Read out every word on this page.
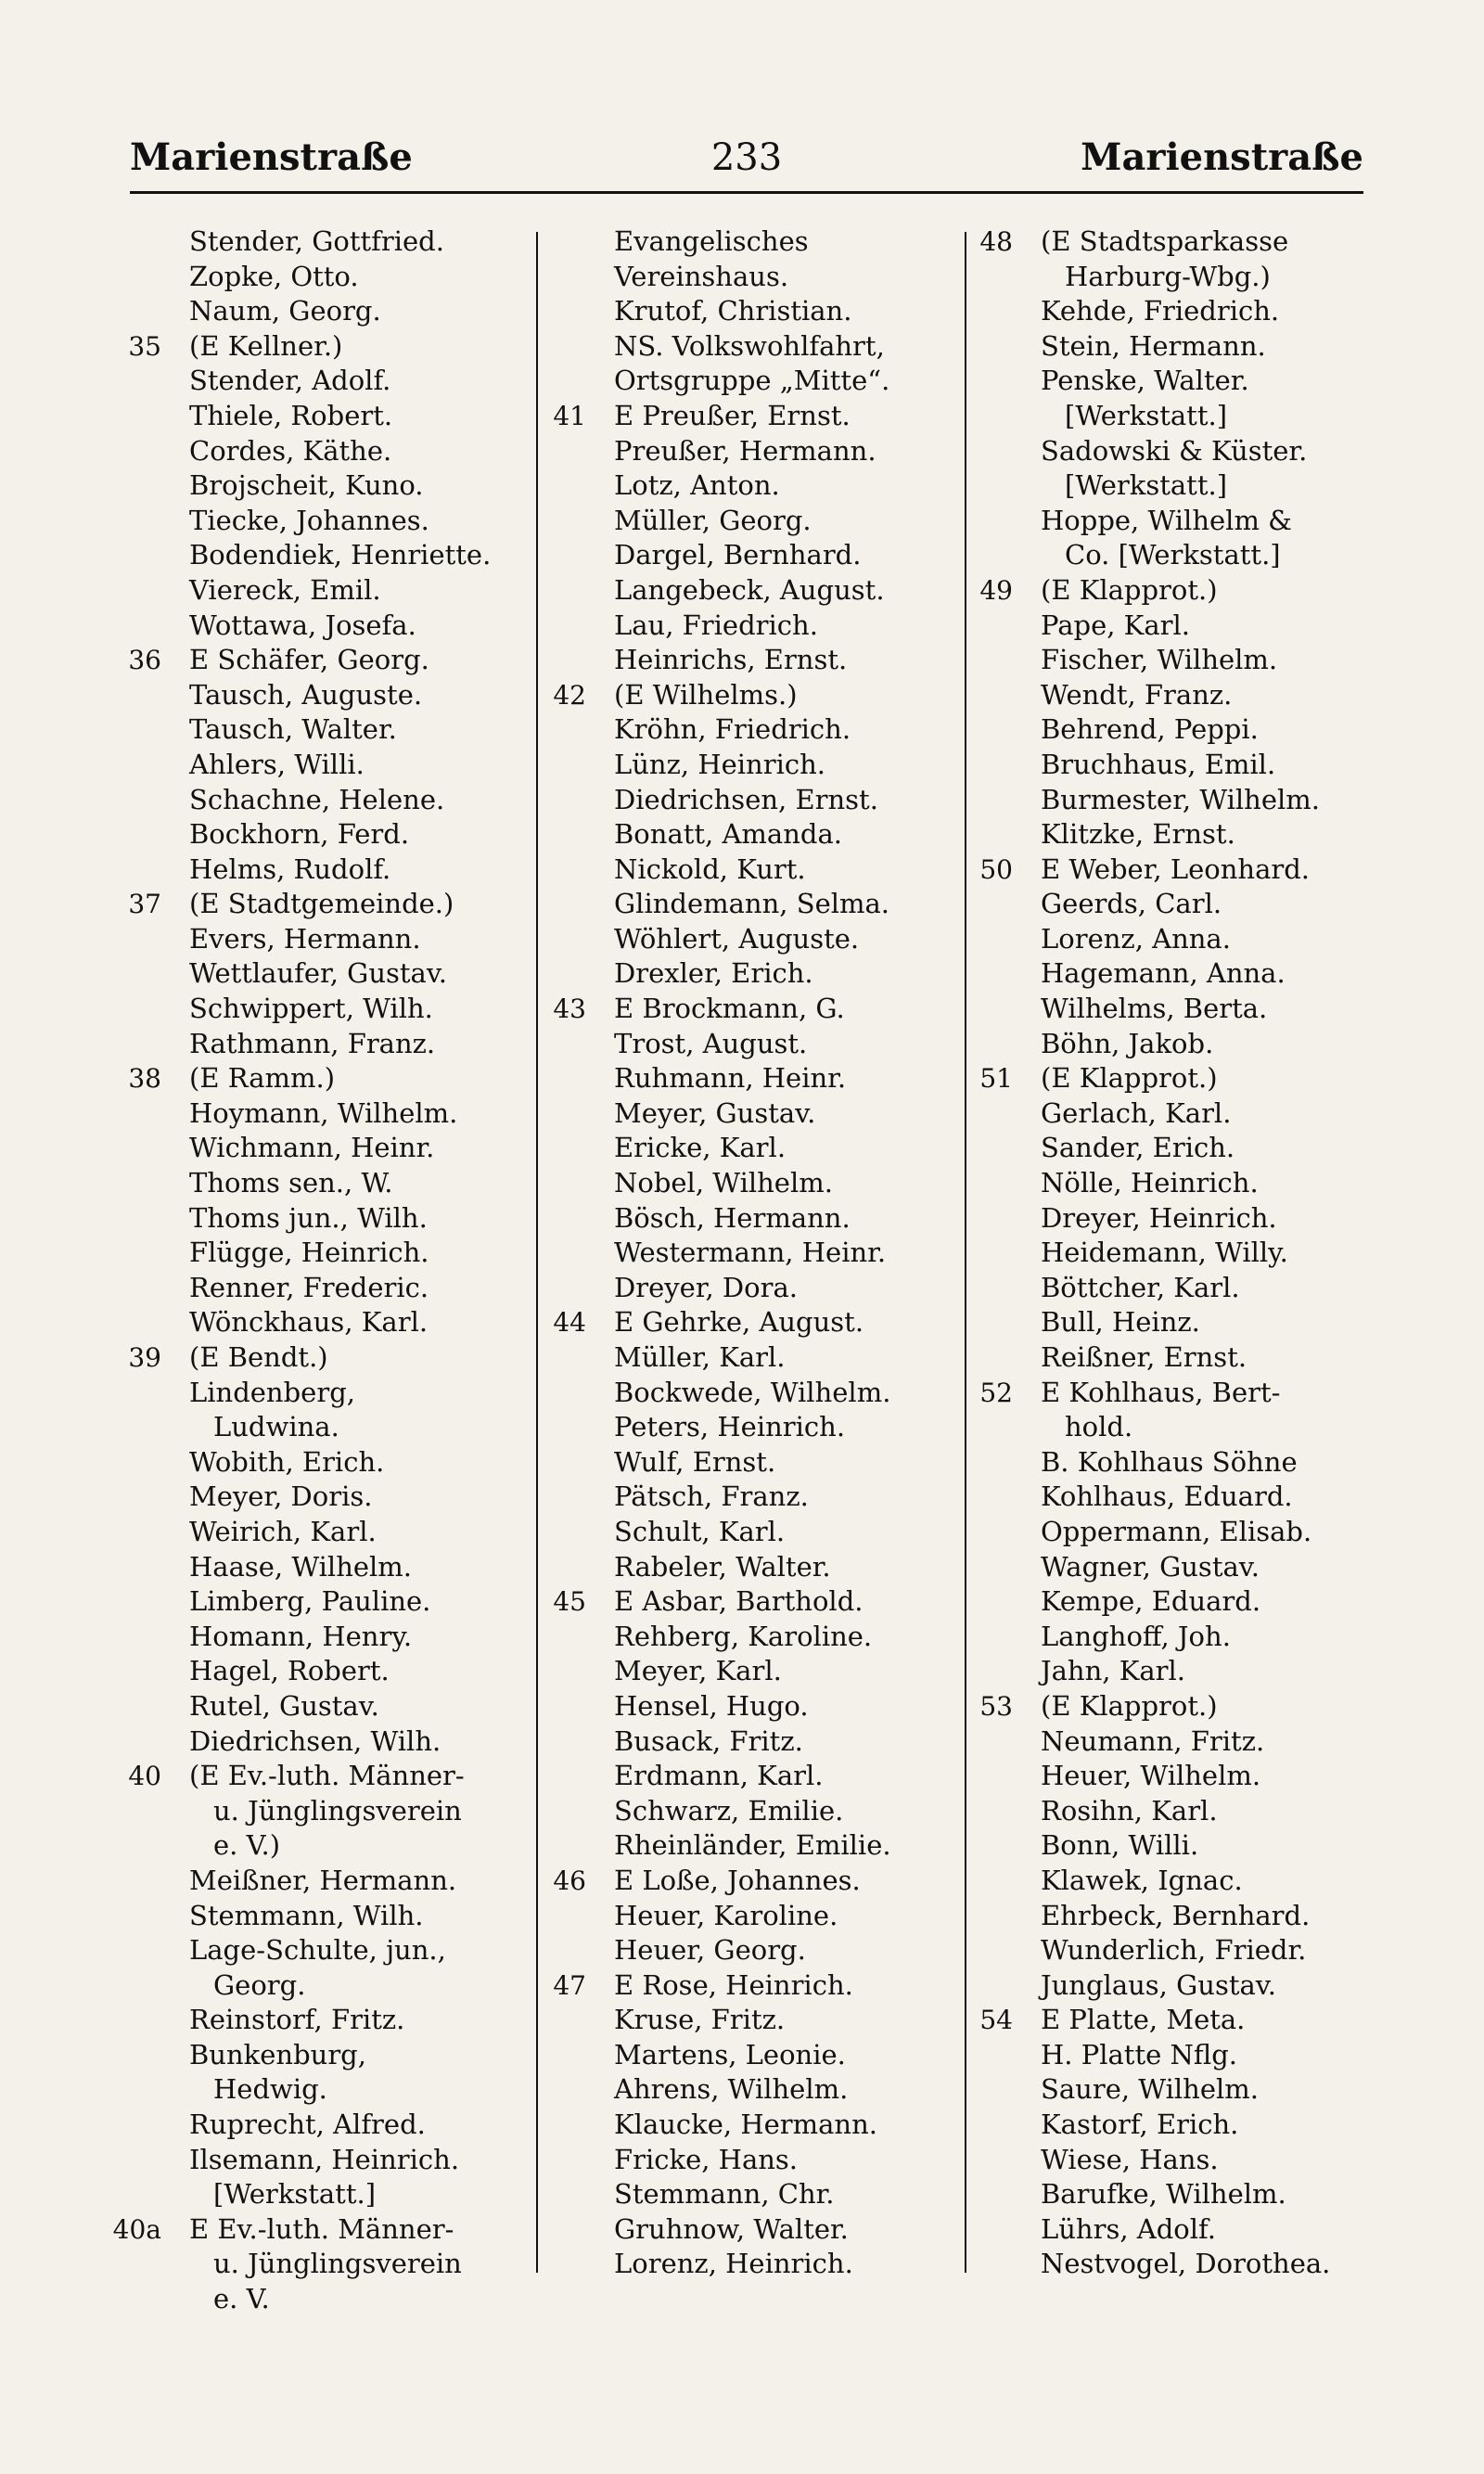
Marienstraße	233	Marienstraße
Stender, Gottfried.
Zopke, Otto.
Naum, Georg.
35 (E Kellner.)
Stender, Adolf.
Thiele, Robert.
Cordes, Käthe.
Brojscheit, Kuno.
Tiecke, Johannes.
Bodendiek, Henriette.
Viereck, Emil.
Wottawa, Josefa.
36 E Schäfer, Georg.
Tausch, Auguste.
Tausch, Walter.
Ahlers, Willi.
Schachne, Helene.
Bockhorn, Ferd.
Helms, Rudolf.
37 (E Stadtgemeinde.)
Evers, Hermann.
Wettlaufer, Gustav.
Schwippert, Wilh.
Rathmann, Franz.
38 (E Ramm.)
Hoymann, Wilhelm.
Wichmann, Heinr.
Thoms sen., W.
Thoms jun., Wilh.
Flügge, Heinrich.
Renner, Frederic.
Wönckhaus, Karl.
39 (E Bendt.)
Lindenberg,
Ludwina.
Wobith, Erich.
Meyer, Doris.
Weirich, Karl.
Haase, Wilhelm.
Limberg, Pauline.
Homann, Henry.
Hagel, Robert.
Rutel, Gustav.
Diedrichsen, Wilh.
40 (E Ev.-luth. Männer-
u. Jünglingsverein
e. V.)
Meißner, Hermann.
Stemmann, Wilh.
Lage-Schulte, jun.,
Georg.
Reinstorf, Fritz.
Bunkenburg,
Hedwig.
Ruprecht, Alfred.
Ilsemann, Heinrich.
[Werkstatt.]
40a E Ev.-luth. Männer-
u. Jünglingsverein
e. V.
Evangelisches
Vereinshaus.
Krutof, Christian.
NS. Volkswohlfahrt,
Ortsgruppe „Mitte“.
41 E Preußer, Ernst.
Preußer, Hermann.
Lotz, Anton.
Müller, Georg.
Dargel, Bernhard.
Langebeck, August.
Lau, Friedrich.
Heinrichs, Ernst.
42 (E Wilhelms.)
Kröhn, Friedrich.
Lünz, Heinrich.
Diedrichsen, Ernst.
Bonatt, Amanda.
Nickold, Kurt.
Glindemann, Selma.
Wöhlert, Auguste.
Drexler, Erich.
43 E Brockmann, G.
Trost, August.
Ruhmann, Heinr.
Meyer, Gustav.
Ericke, Karl.
Nobel, Wilhelm.
Bösch, Hermann.
Westermann, Heinr.
Dreyer, Dora.
44 E Gehrke, August.
Müller, Karl.
Bockwede, Wilhelm.
Peters, Heinrich.
Wulf, Ernst.
Pätsch, Franz.
Schult, Karl.
Rabeler, Walter.
45 E Asbar, Barthold.
Rehberg, Karoline.
Meyer, Karl.
Hensel, Hugo.
Busack, Fritz.
Erdmann, Karl.
Schwarz, Emilie.
Rheinländer, Emilie.
46 E Loße, Johannes.
Heuer, Karoline.
Heuer, Georg.
47 E Rose, Heinrich.
Kruse, Fritz.
Martens, Leonie.
Ahrens, Wilhelm.
Klaucke, Hermann.
Fricke, Hans.
Stemmann, Chr.
Gruhnow, Walter.
Lorenz, Heinrich.
48 (E Stadtsparkasse
Harburg-Wbg.)
Kehde, Friedrich.
Stein, Hermann.
Penske, Walter.
[Werkstatt.]
Sadowski & Küster.
[Werkstatt.]
Hoppe, Wilhelm &
Co. [Werkstatt.]
49 (E Klapprot.)
Pape, Karl.
Fischer, Wilhelm.
Wendt, Franz.
Behrend, Peppi.
Bruchhaus, Emil.
Burmester, Wilhelm.
Klitzke, Ernst.
50 E Weber, Leonhard.
Geerds, Carl.
Lorenz, Anna.
Hagemann, Anna.
Wilhelms, Berta.
Böhn, Jakob.
51 (E Klapprot.)
Gerlach, Karl.
Sander, Erich.
Nölle, Heinrich.
Dreyer, Heinrich.
Heidemann, Willy.
Böttcher, Karl.
Bull, Heinz.
Reißner, Ernst.
52 E Kohlhaus, Bert-
hold.
B. Kohlhaus Söhne
Kohlhaus, Eduard.
Oppermann, Elisab.
Wagner, Gustav.
Kempe, Eduard.
Langhoff, Joh.
Jahn, Karl.
53 (E Klapprot.)
Neumann, Fritz.
Heuer, Wilhelm.
Rosihn, Karl.
Bonn, Willi.
Klawek, Ignac.
Ehrbeck, Bernhard.
Wunderlich, Friedr.
Junglaus, Gustav.
54 E Platte, Meta.
H. Platte Nflg.
Saure, Wilhelm.
Kastorf, Erich.
Wiese, Hans.
Barufke, Wilhelm.
Lührs, Adolf.
Nestvogel, Dorothea.
